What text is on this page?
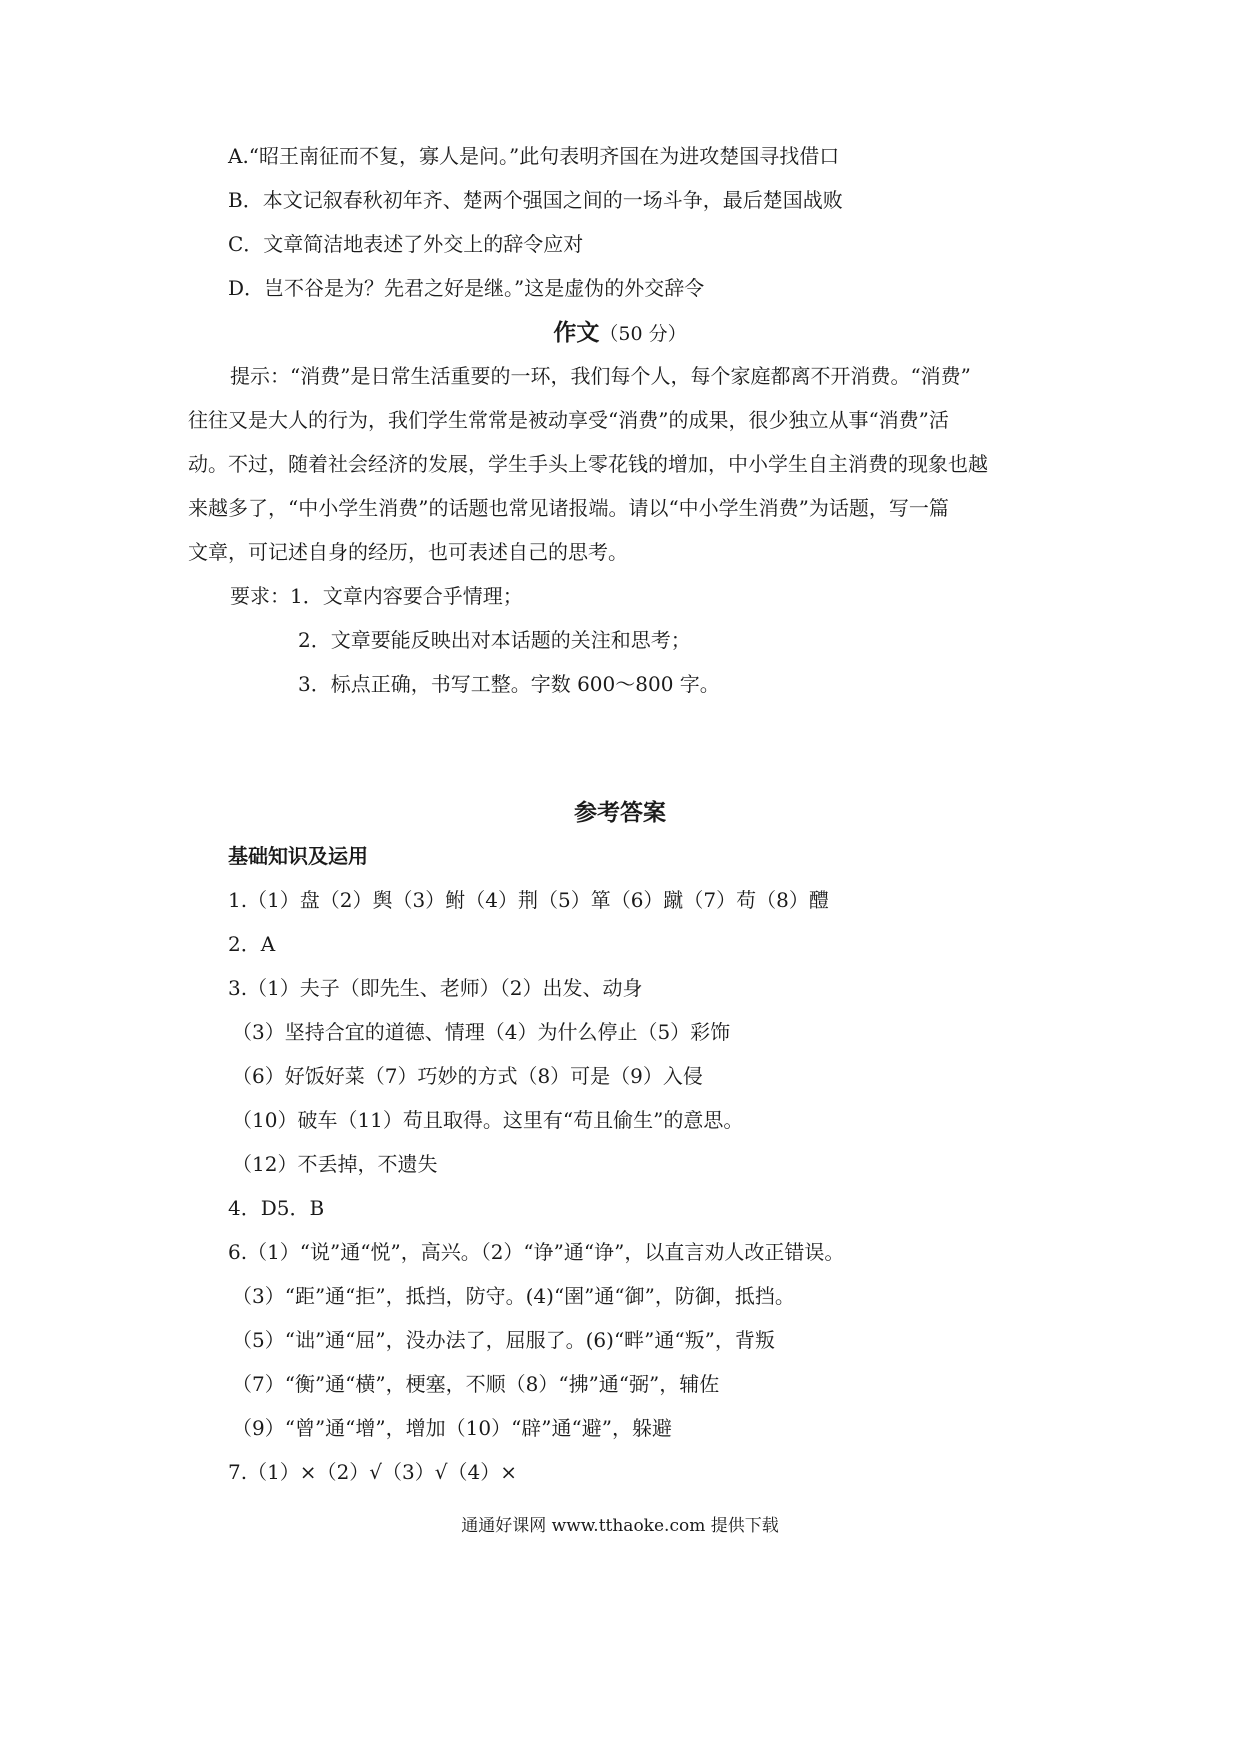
A.“昭王南征而不复，寡人是问。”此句表明齐国在为进攻楚国寻找借口

B．本文记叙春秋初年齐、楚两个强国之间的一场斗争，最后楚国战败

C．文章简洁地表述了外交上的辞令应对

D．岂不谷是为？先君之好是继。”这是虚伪的外交辞令

作文（50 分）

提示：“消费”是日常生活重要的一环，我们每个人，每个家庭都离不开消费。“消费”

往往又是大人的行为，我们学生常常是被动享受“消费”的成果，很少独立从事“消费”活

动。不过，随着社会经济的发展，学生手头上零花钱的增加，中小学生自主消费的现象也越

来越多了，“中小学生消费”的话题也常见诸报端。请以“中小学生消费”为话题，写一篇

文章，可记述自身的经历，也可表述自己的思考。

要求：1．文章内容要合乎情理；

2．文章要能反映出对本话题的关注和思考；

3．标点正确，书写工整。字数 600～800 字。

参考答案

基础知识及运用

1.（1）盘（2）舆（3）鲋（4）荆（5）箪（6）蹴（7）苟（8）醴

2．A

3.（1）夫子（即先生、老师）（2）出发、动身

（3）坚持合宜的道德、情理（4）为什么停止（5）彩饰

（6）好饭好菜（7）巧妙的方式（8）可是（9）入侵

（10）破车（11）苟且取得。这里有“苟且偷生”的意思。

（12）不丢掉，不遗失

4．D5．B

6.（1）“说”通“悦”，高兴。（2）“诤”通“诤”，以直言劝人改正错误。

（3）“距”通“拒”，抵挡，防守。(4)“圉”通“御”，防御，抵挡。

（5）“诎”通“屈”，没办法了，屈服了。(6)“畔”通“叛”，背叛

（7）“衡”通“横”，梗塞，不顺（8）“拂”通“弼”，辅佐

（9）“曾”通“增”，增加（10）“辟”通“避”，躲避

7.（1）×（2）√（3）√（4）×

通通好课网 www.tthaoke.com 提供下载
